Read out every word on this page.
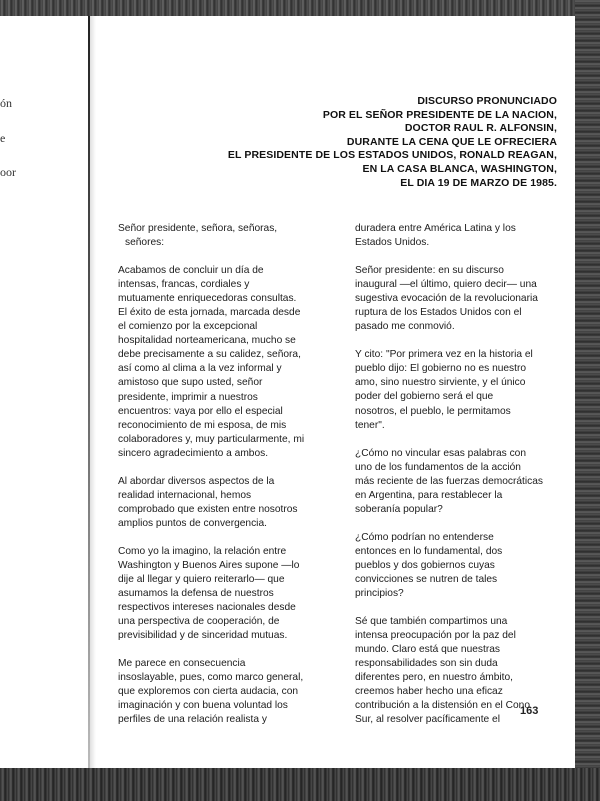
ón
e
oor
DISCURSO PRONUNCIADO
POR EL SEÑOR PRESIDENTE DE LA NACION,
DOCTOR RAUL R. ALFONSIN,
DURANTE LA CENA QUE LE OFRECIERA
EL PRESIDENTE DE LOS ESTADOS UNIDOS, RONALD REAGAN,
EN LA CASA BLANCA, WASHINGTON,
EL DIA 19 DE MARZO DE 1985.

Señor presidente, señora, señoras,
señores:

Acabamos de concluir un día de
intensas, francas, cordiales y
mutuamente enriquecedoras consultas.
El éxito de esta jornada, marcada desde
el comienzo por la excepcional
hospitalidad norteamericana, mucho se
debe precisamente a su calidez, señora,
así como al clima a la vez informal y
amistoso que supo usted, señor
presidente, imprimir a nuestros
encuentros: vaya por ello el especial
reconocimiento de mi esposa, de mis
colaboradores y, muy particularmente, mi
sincero agradecimiento a ambos.

Al abordar diversos aspectos de la
realidad internacional, hemos
comprobado que existen entre nosotros
amplios puntos de convergencia.

Como yo la imagino, la relación entre
Washington y Buenos Aires supone —lo
dije al llegar y quiero reiterarlo— que
asumamos la defensa de nuestros
respectivos intereses nacionales desde
una perspectiva de cooperación, de
previsibilidad y de sinceridad mutuas.

Me parece en consecuencia
insoslayable, pues, como marco general,
que exploremos con cierta audacia, con
imaginación y con buena voluntad los
perfiles de una relación realista y

duradera entre América Latina y los
Estados Unidos.

Señor presidente: en su discurso
inaugural —el último, quiero decir— una
sugestiva evocación de la revolucionaria
ruptura de los Estados Unidos con el
pasado me conmovió.

Y cito: "Por primera vez en la historia el
pueblo dijo: El gobierno no es nuestro
amo, sino nuestro sirviente, y el único
poder del gobierno será el que
nosotros, el pueblo, le permitamos
tener".

¿Cómo no vincular esas palabras con
uno de los fundamentos de la acción
más reciente de las fuerzas democráticas
en Argentina, para restablecer la
soberanía popular?

¿Cómo podrían no entenderse
entonces en lo fundamental, dos
pueblos y dos gobiernos cuyas
convicciones se nutren de tales
principios?

Sé que también compartimos una
intensa preocupación por la paz del
mundo. Claro está que nuestras
responsabilidades son sin duda
diferentes pero, en nuestro ámbito,
creemos haber hecho una eficaz
contribución a la distensión en el Cono
Sur, al resolver pacíficamente el

163
